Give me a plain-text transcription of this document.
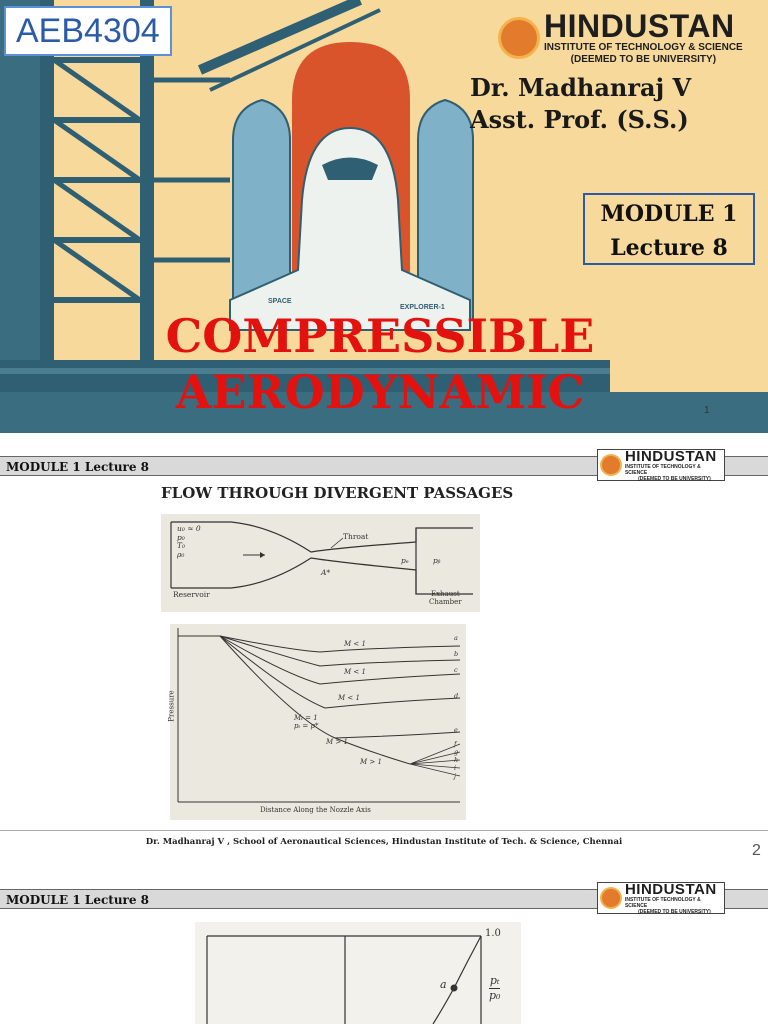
AEB4304	HINDUSTAN
INSTITUTE OF TECHNOLOGY & SCIENCE
(DEEMED TO BE UNIVERSITY)
Dr. Madhanraj V
Asst. Prof. (S.S.)
MODULE 1
Lecture 8
SPACE
EXPLORER-1
COMPRESSIBLE
AERODYNAMIC	1
MODULE 1 Lecture 8
HINDUSTAN
INSTITUTE OF TECHNOLOGY & SCIENCE
(DEEMED TO BE UNIVERSITY)
FLOW THROUGH DIVERGENT PASSAGES
u₀ ≈ 0
p₀
T₀
ρ₀
Throat
A*
pₑ	pᵦ
Reservoir	Exhaust
Chamber
M < 1
M < 1
M < 1
Mₜ = 1
pₜ = p*
M > 1
M > 1
Pressure
Distance Along the Nozzle Axis
a
b
c
d
e
f
g
h
i
j
Dr. Madhanraj V , School of Aeronautical Sciences, Hindustan Institute of Tech. & Science, Chennai	2
MODULE 1 Lecture 8
HINDUSTAN
INSTITUTE OF TECHNOLOGY & SCIENCE
(DEEMED TO BE UNIVERSITY)
1.0
a	$\frac{\text{pₜ}}{\text{p₀}}$
